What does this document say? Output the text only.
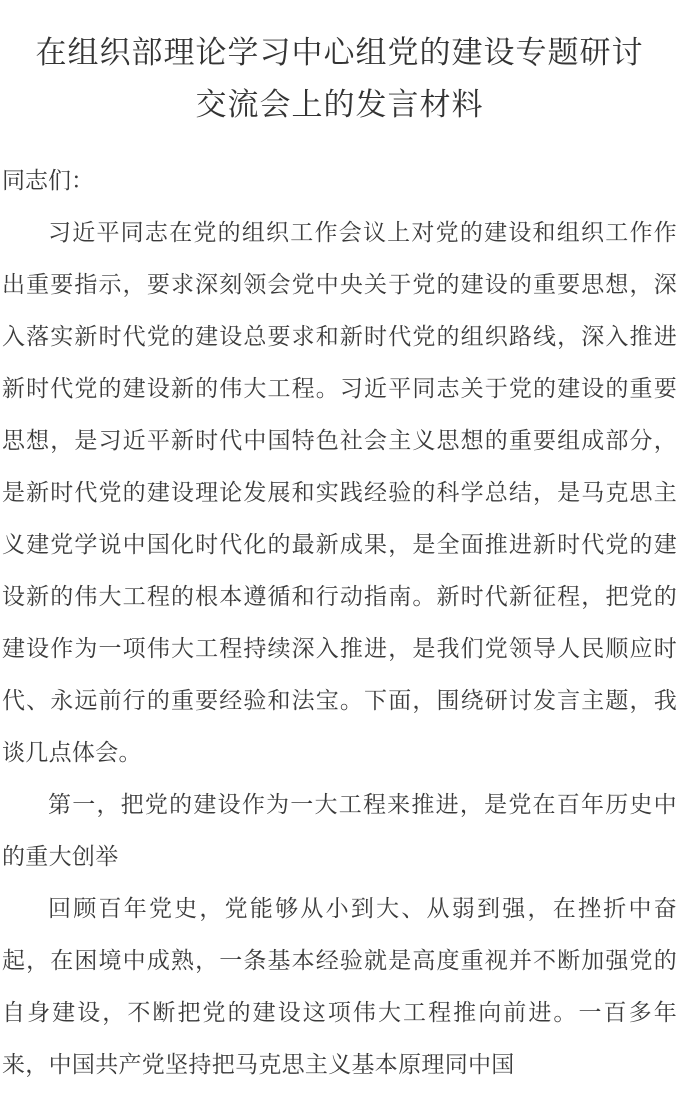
在组织部理论学习中心组党的建设专题研讨
交流会上的发言材料

同志们：

习近平同志在党的组织工作会议上对党的建设和组织工作作出重要指示，要求深刻领会党中央关于党的建设的重要思想，深入落实新时代党的建设总要求和新时代党的组织路线，深入推进新时代党的建设新的伟大工程。习近平同志关于党的建设的重要思想，是习近平新时代中国特色社会主义思想的重要组成部分，是新时代党的建设理论发展和实践经验的科学总结，是马克思主义建党学说中国化时代化的最新成果，是全面推进新时代党的建设新的伟大工程的根本遵循和行动指南。新时代新征程，把党的建设作为一项伟大工程持续深入推进，是我们党领导人民顺应时代、永远前行的重要经验和法宝。下面，围绕研讨发言主题，我谈几点体会。

第一，把党的建设作为一大工程来推进，是党在百年历史中的重大创举

回顾百年党史，党能够从小到大、从弱到强，在挫折中奋起，在困境中成熟，一条基本经验就是高度重视并不断加强党的自身建设，不断把党的建设这项伟大工程推向前进。一百多年来，中国共产党坚持把马克思主义基本原理同中国
